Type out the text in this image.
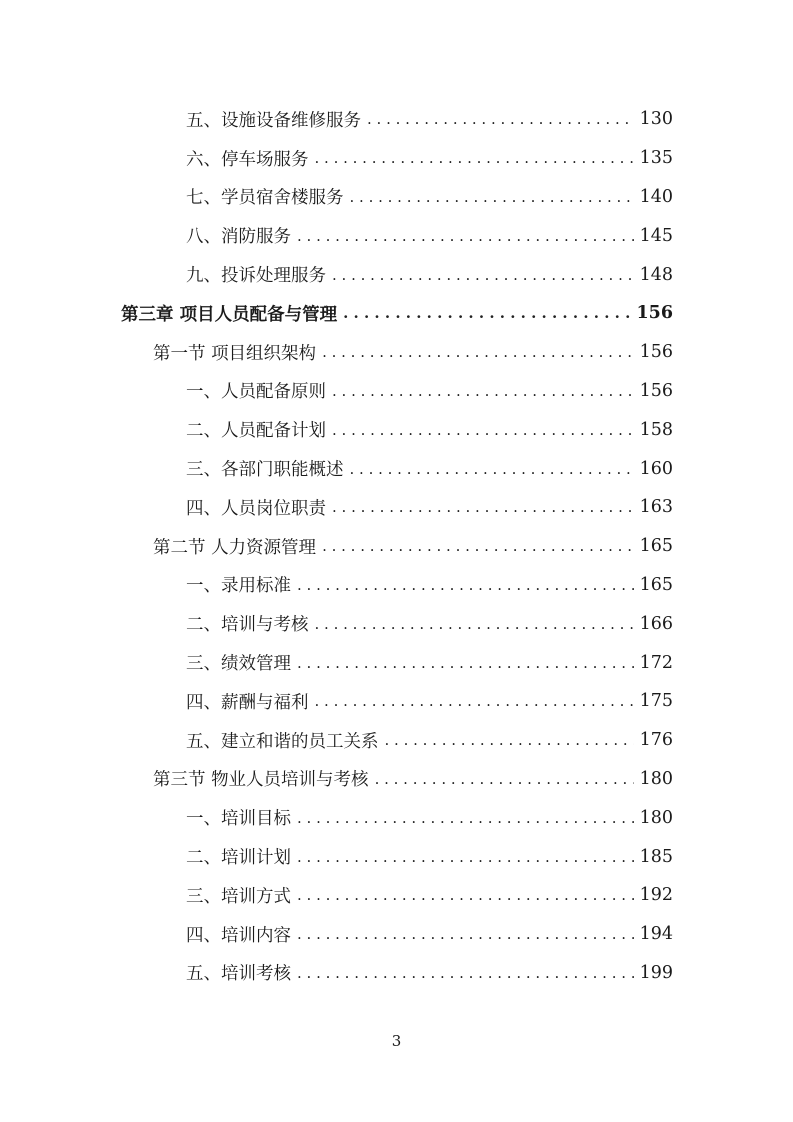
五、设施设备维修服务 . . .	130
六、停车场服务 . . .	135
七、学员宿舍楼服务 . . .	140
八、消防服务 . . .	145
九、投诉处理服务 . . .	148
第三章 项目人员配备与管理 . . .	156
第一节 项目组织架构 . . .	156
一、人员配备原则 . . .	156
二、人员配备计划 . . .	158
三、各部门职能概述 . . .	160
四、人员岗位职责 . . .	163
第二节 人力资源管理 . . .	165
一、录用标准 . . .	165
二、培训与考核 . . .	166
三、绩效管理 . . .	172
四、薪酬与福利 . . .	175
五、建立和谐的员工关系 . . .	176
第三节 物业人员培训与考核 . . .	180
一、培训目标 . . .	180
二、培训计划 . . .	185
三、培训方式 . . .	192
四、培训内容 . . .	194
五、培训考核 . . .	199
3
